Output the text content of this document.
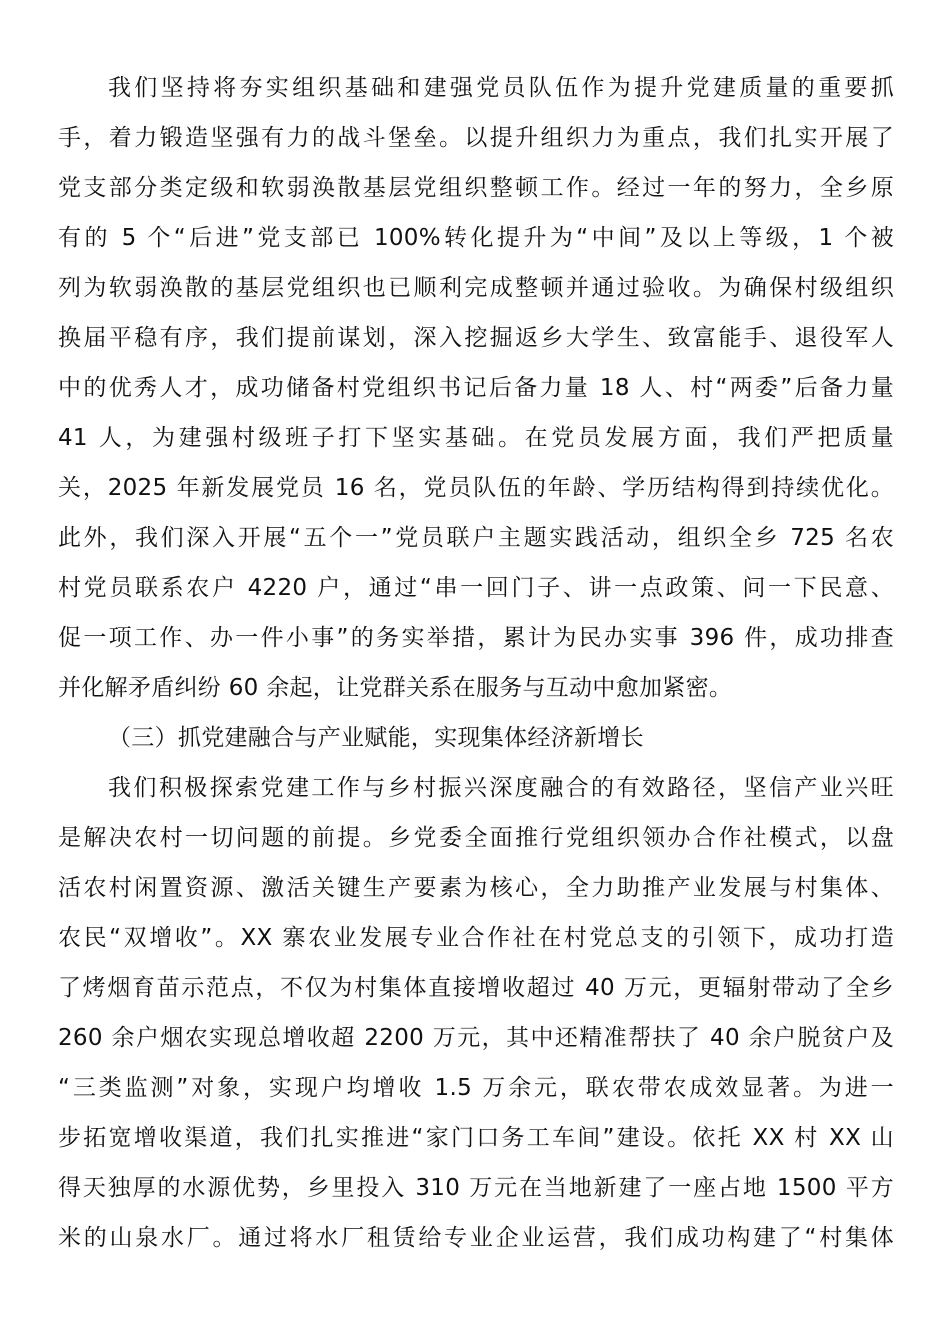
我们坚持将夯实组织基础和建强党员队伍作为提升党建质量的重要抓
手，着力锻造坚强有力的战斗堡垒。以提升组织力为重点，我们扎实开展了
党支部分类定级和软弱涣散基层党组织整顿工作。经过一年的努力，全乡原
有的 5 个“后进”党支部已 100%转化提升为“中间”及以上等级，1 个被
列为软弱涣散的基层党组织也已顺利完成整顿并通过验收。为确保村级组织
换届平稳有序，我们提前谋划，深入挖掘返乡大学生、致富能手、退役军人
中的优秀人才，成功储备村党组织书记后备力量 18 人、村“两委”后备力量
41 人，为建强村级班子打下坚实基础。在党员发展方面，我们严把质量
关，2025 年新发展党员 16 名，党员队伍的年龄、学历结构得到持续优化。
此外，我们深入开展“五个一”党员联户主题实践活动，组织全乡 725 名农
村党员联系农户 4220 户，通过“串一回门子、讲一点政策、问一下民意、
促一项工作、办一件小事”的务实举措，累计为民办实事 396 件，成功排查
并化解矛盾纠纷 60 余起，让党群关系在服务与互动中愈加紧密。
（三）抓党建融合与产业赋能，实现集体经济新增长
我们积极探索党建工作与乡村振兴深度融合的有效路径，坚信产业兴旺
是解决农村一切问题的前提。乡党委全面推行党组织领办合作社模式，以盘
活农村闲置资源、激活关键生产要素为核心，全力助推产业发展与村集体、
农民“双增收”。XX 寨农业发展专业合作社在村党总支的引领下，成功打造
了烤烟育苗示范点，不仅为村集体直接增收超过 40 万元，更辐射带动了全乡
260 余户烟农实现总增收超 2200 万元，其中还精准帮扶了 40 余户脱贫户及
“三类监测”对象，实现户均增收 1.5 万余元，联农带农成效显著。为进一
步拓宽增收渠道，我们扎实推进“家门口务工车间”建设。依托 XX 村 XX 山
得天独厚的水源优势，乡里投入 310 万元在当地新建了一座占地 1500 平方
米的山泉水厂。通过将水厂租赁给专业企业运营，我们成功构建了“村集体
